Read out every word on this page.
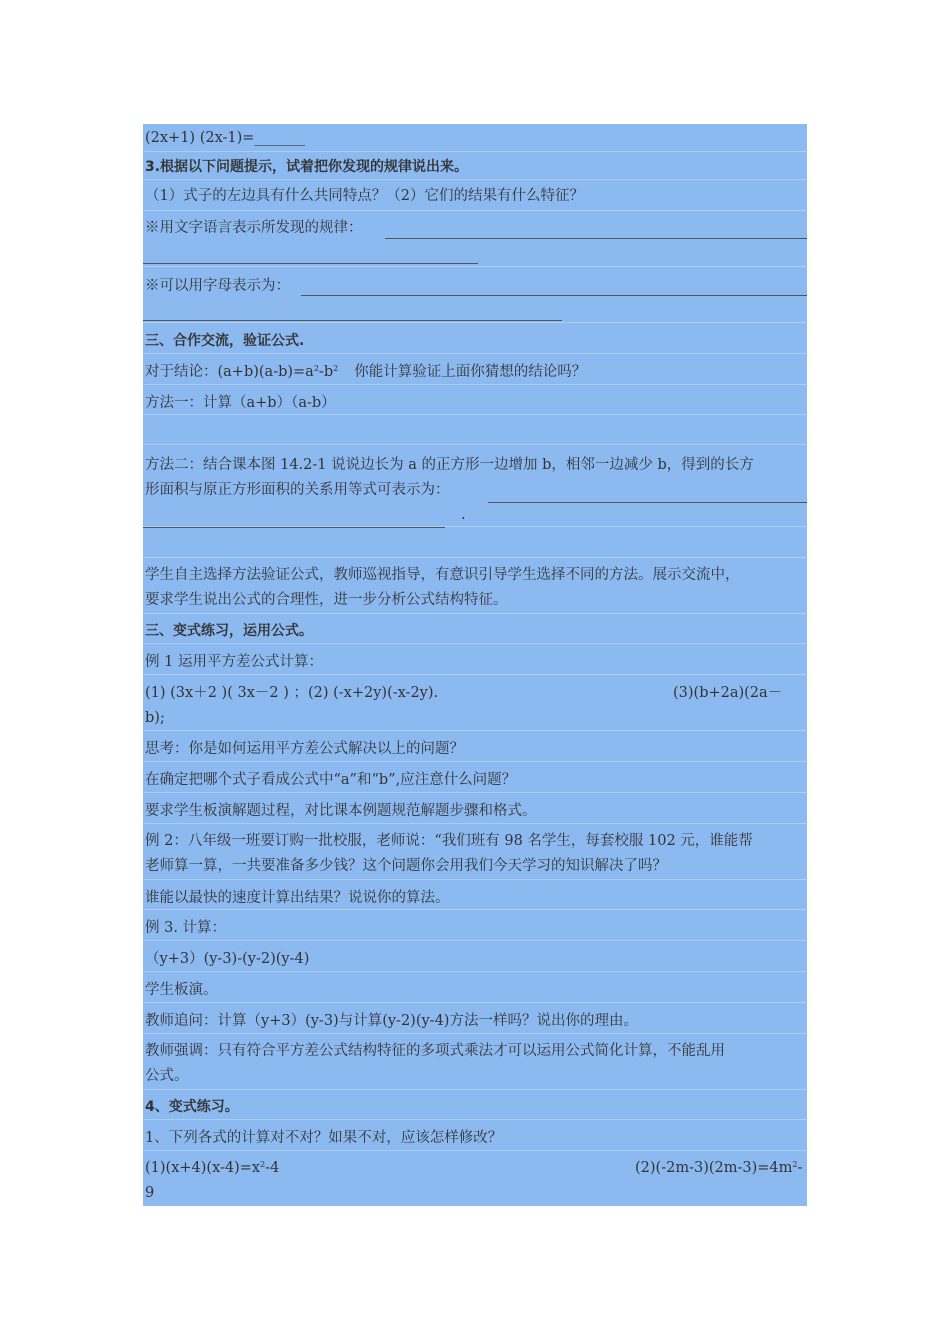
(2x+1) (2x-1)=_______
3.根据以下问题提示，试着把你发现的规律说出来。
（1）式子的左边具有什么共同特点？（2）它们的结果有什么特征？
※用文字语言表示所发现的规律：
※可以用字母表示为：
三、合作交流，验证公式.
对于结论：$(a+b)(a-b)=a^2-b^2$ 你能计算验证上面你猜想的结论吗？
方法一：计算（a+b）（a-b）
方法二：结合课本图 14.2-1 说说边长为 a 的正方形一边增加 b，相邻一边减少 b，得到的长方
形面积与原正方形面积的关系用等式可表示为：
.
学生自主选择方法验证公式，教师巡视指导，有意识引导学生选择不同的方法。展示交流中，
要求学生说出公式的合理性，进一步分析公式结构特征。
三、变式练习，运用公式。
例 1 运用平方差公式计算：
(1) (3x＋2 )( 3x－2 ) ；(2) (-x+2y)(-x-2y).	(3)(b+2a)(2a－
b);
思考：你是如何运用平方差公式解决以上的问题？
在确定把哪个式子看成公式中“a”和“b”,应注意什么问题？
要求学生板演解题过程，对比课本例题规范解题步骤和格式。
例 2：八年级一班要订购一批校服，老师说：“我们班有 98 名学生，每套校服 102 元，谁能帮
老师算一算，一共要准备多少钱？这个问题你会用我们今天学习的知识解决了吗？
谁能以最快的速度计算出结果？说说你的算法。
例 3. 计算：
（y+3）(y-3)-(y-2)(y-4)
学生板演。
教师追问：计算（y+3）(y-3)与计算(y-2)(y-4)方法一样吗？说出你的理由。
教师强调：只有符合平方差公式结构特征的多项式乘法才可以运用公式简化计算，不能乱用
公式。
4、变式练习。
1、下列各式的计算对不对？如果不对，应该怎样修改？
$(1)(x+4)(x-4)=x^2-4$	$(2)(-2m-3)(2m-3)=4m^2-$
9
